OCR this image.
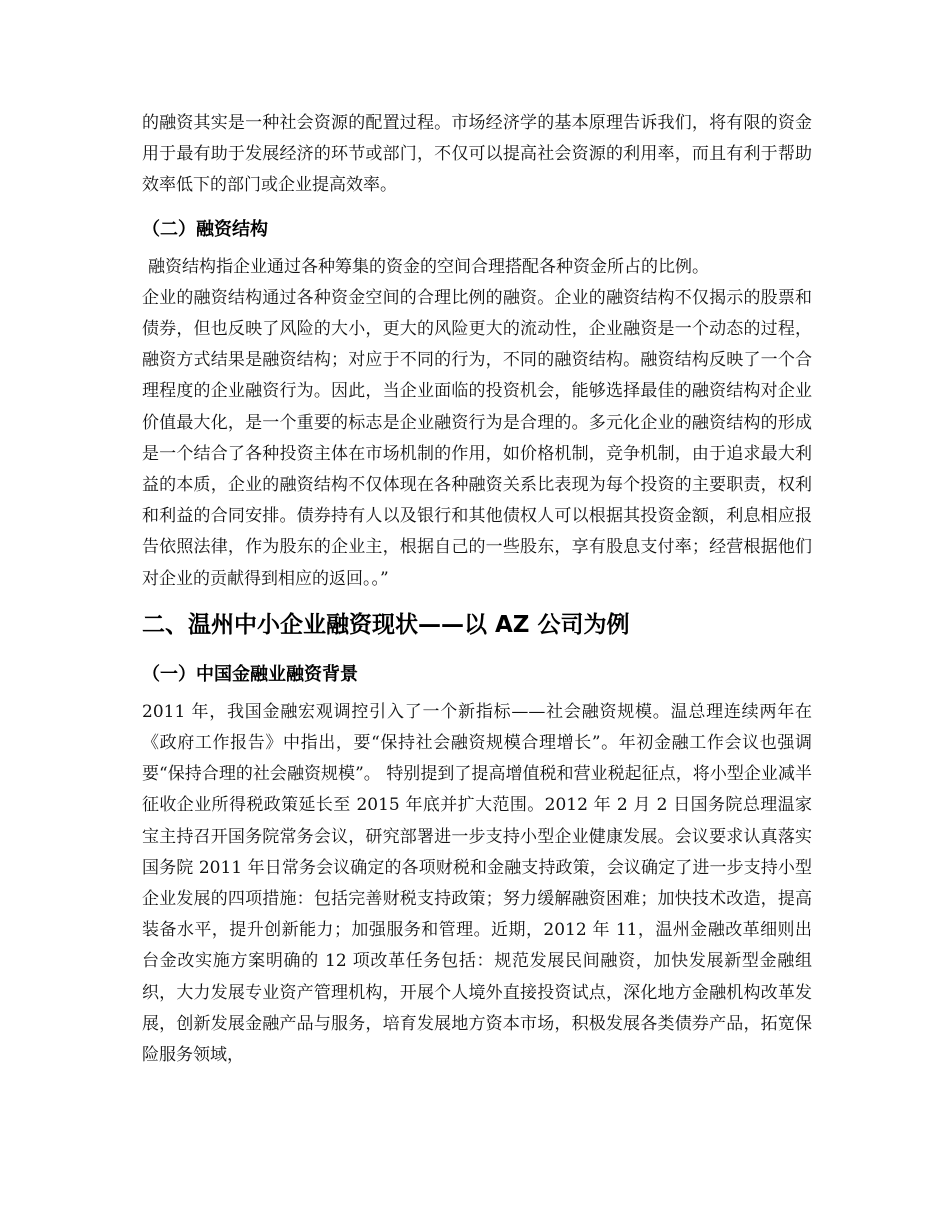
的融资其实是一种社会资源的配置过程。市场经济学的基本原理告诉我们，将有限的资金用于最有助于发展经济的环节或部门，不仅可以提高社会资源的利用率，而且有利于帮助效率低下的部门或企业提高效率。

（二）融资结构

融资结构指企业通过各种筹集的资金的空间合理搭配各种资金所占的比例。

企业的融资结构通过各种资金空间的合理比例的融资。企业的融资结构不仅揭示的股票和债券，但也反映了风险的大小，更大的风险更大的流动性，企业融资是一个动态的过程，融资方式结果是融资结构；对应于不同的行为，不同的融资结构。融资结构反映了一个合理程度的企业融资行为。因此，当企业面临的投资机会，能够选择最佳的融资结构对企业价值最大化，是一个重要的标志是企业融资行为是合理的。多元化企业的融资结构的形成是一个结合了各种投资主体在市场机制的作用，如价格机制，竞争机制，由于追求最大利益的本质，企业的融资结构不仅体现在各种融资关系比表现为每个投资的主要职责，权利和利益的合同安排。债券持有人以及银行和其他债权人可以根据其投资金额，利息相应报告依照法律，作为股东的企业主，根据自己的一些股东，享有股息支付率；经营根据他们对企业的贡献得到相应的返回。。”

二、温州中小企业融资现状——以 AZ 公司为例
（一）中国金融业融资背景

2011 年，我国金融宏观调控引入了一个新指标——社会融资规模。温总理连续两年在《政府工作报告》中指出，要“保持社会融资规模合理增长”。年初金融工作会议也强调要“保持合理的社会融资规模”。 特别提到了提高增值税和营业税起征点，将小型企业减半征收企业所得税政策延长至 2015 年底并扩大范围。2012 年 2 月 2 日国务院总理温家宝主持召开国务院常务会议，研究部署进一步支持小型企业健康发展。会议要求认真落实国务院 2011 年日常务会议确定的各项财税和金融支持政策，会议确定了进一步支持小型企业发展的四项措施：包括完善财税支持政策；努力缓解融资困难；加快技术改造，提高装备水平，提升创新能力；加强服务和管理。近期，2012 年 11，温州金融改革细则出台金改实施方案明确的 12 项改革任务包括：规范发展民间融资，加快发展新型金融组织，大力发展专业资产管理机构，开展个人境外直接投资试点，深化地方金融机构改革发展，创新发展金融产品与服务，培育发展地方资本市场，积极发展各类债券产品，拓宽保险服务领域，
